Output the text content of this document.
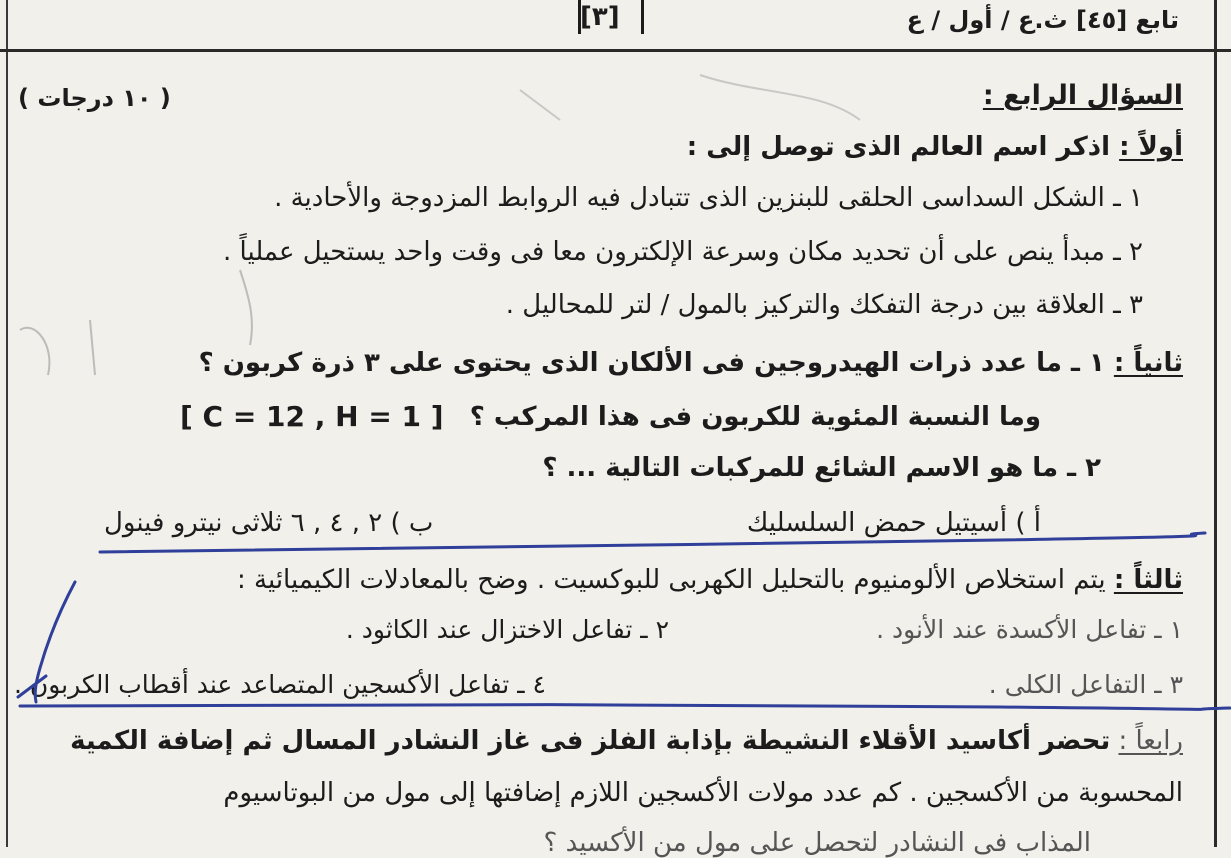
تابع [٤٥] ث.ع / أول / ع
[٣]
السؤال الرابع :
( ١٠ درجات )
أولاً : اذكر اسم العالم الذى توصل إلى :
١ ـ الشكل السداسى الحلقى للبنزين الذى تتبادل فيه الروابط المزدوجة والأحادية .
٢ ـ مبدأ ينص على أن تحديد مكان وسرعة الإلكترون معا فى وقت واحد يستحيل عملياً .
٣ ـ العلاقة بين درجة التفكك والتركيز بالمول / لتر للمحاليل .
ثانياً : ١ ـ ما عدد ذرات الهيدروجين فى الألكان الذى يحتوى على ٣ ذرة كربون ؟
وما النسبة المئوية للكربون فى هذا المركب ؟
[ C = 12 , H = 1 ]
٢ ـ ما هو الاسم الشائع للمركبات التالية ... ؟
أ ) أسيتيل حمض السلسليك
ب ) ٢ , ٤ , ٦ ثلاثى نيترو فينول
ثالثاً : يتم استخلاص الألومنيوم بالتحليل الكهربى للبوكسيت . وضح بالمعادلات الكيميائية :
١ ـ تفاعل الأكسدة عند الأنود .
٢ ـ تفاعل الاختزال عند الكاثود .
٣ ـ التفاعل الكلى .
٤ ـ تفاعل الأكسجين المتصاعد عند أقطاب الكربون .
رابعاً : تحضر أكاسيد الأقلاء النشيطة بإذابة الفلز فى غاز النشادر المسال ثم إضافة الكمية
المحسوبة من الأكسجين . كم عدد مولات الأكسجين اللازم إضافتها إلى مول من البوتاسيوم
المذاب فى النشادر لتحصل على مول من الأكسيد ؟
